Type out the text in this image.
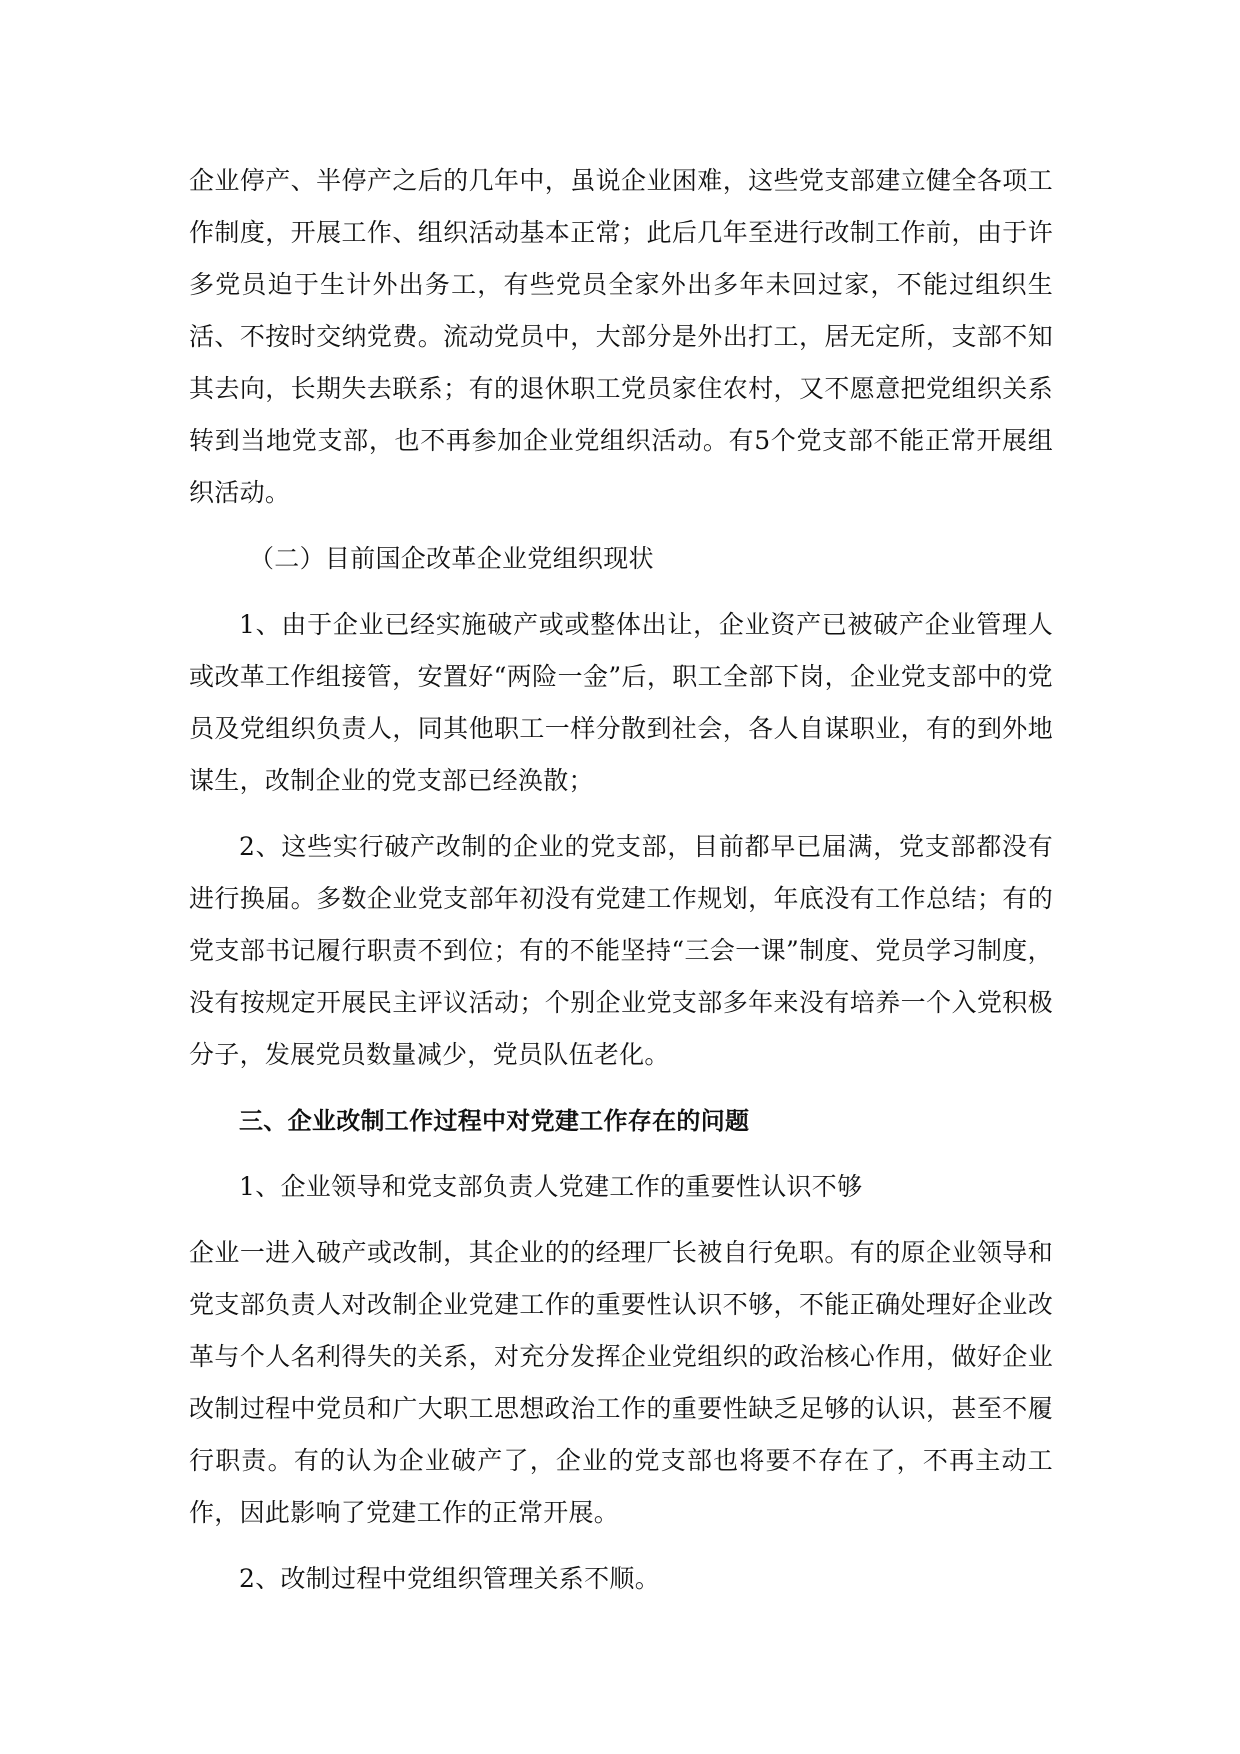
企业停产、半停产之后的几年中，虽说企业困难，这些党支部建立健全各项工作制度，开展工作、组织活动基本正常；此后几年至进行改制工作前，由于许多党员迫于生计外出务工，有些党员全家外出多年未回过家，不能过组织生活、不按时交纳党费。流动党员中，大部分是外出打工，居无定所，支部不知其去向，长期失去联系；有的退休职工党员家住农村，又不愿意把党组织关系转到当地党支部，也不再参加企业党组织活动。有5个党支部不能正常开展组织活动。

（二）目前国企改革企业党组织现状

1、由于企业已经实施破产或或整体出让，企业资产已被破产企业管理人或改革工作组接管，安置好“两险一金”后，职工全部下岗，企业党支部中的党员及党组织负责人，同其他职工一样分散到社会，各人自谋职业，有的到外地谋生，改制企业的党支部已经涣散；

2、这些实行破产改制的企业的党支部，目前都早已届满，党支部都没有进行换届。多数企业党支部年初没有党建工作规划，年底没有工作总结；有的党支部书记履行职责不到位；有的不能坚持“三会一课”制度、党员学习制度，没有按规定开展民主评议活动；个别企业党支部多年来没有培养一个入党积极分子，发展党员数量减少，党员队伍老化。

三、企业改制工作过程中对党建工作存在的问题

1、企业领导和党支部负责人党建工作的重要性认识不够

企业一进入破产或改制，其企业的的经理厂长被自行免职。有的原企业领导和党支部负责人对改制企业党建工作的重要性认识不够，不能正确处理好企业改革与个人名利得失的关系，对充分发挥企业党组织的政治核心作用，做好企业改制过程中党员和广大职工思想政治工作的重要性缺乏足够的认识，甚至不履行职责。有的认为企业破产了，企业的党支部也将要不存在了，不再主动工作，因此影响了党建工作的正常开展。

2、改制过程中党组织管理关系不顺。
